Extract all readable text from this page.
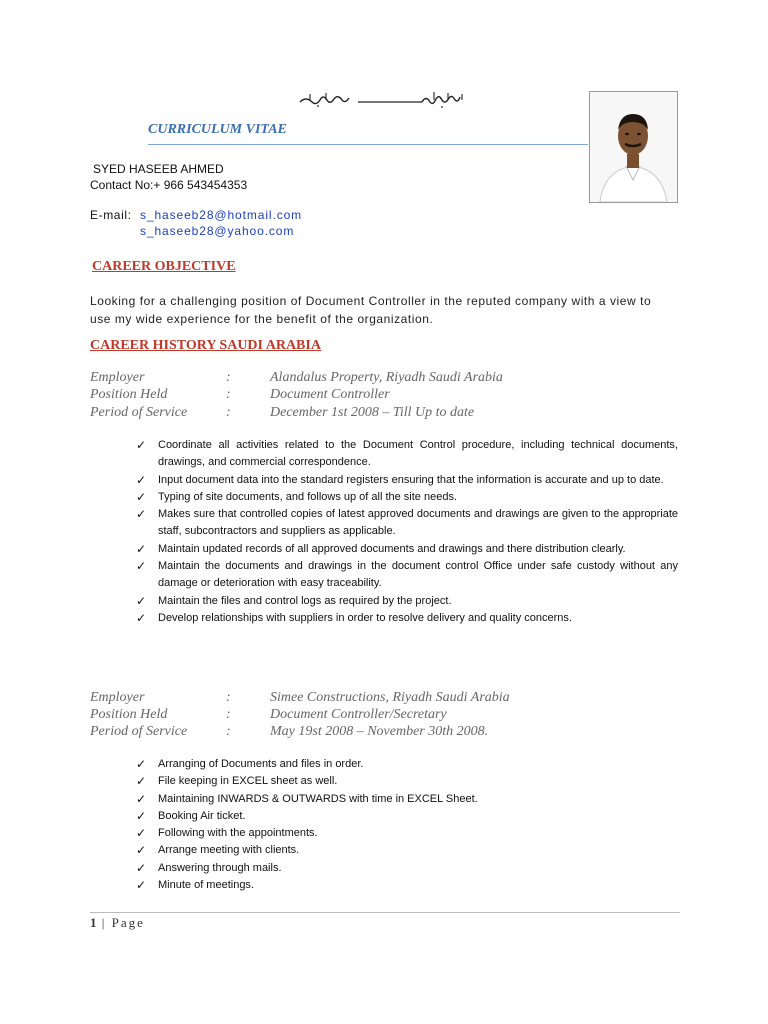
CURRICULUM VITAE
SYED HASEEB AHMED
Contact No:+ 966 543454353
E-mail: s_haseeb28@hotmail.com
s_haseeb28@yahoo.com
CAREER OBJECTIVE
Looking for a challenging position of Document Controller in the reputed company with a view to use my wide experience for the benefit of the organization.
CAREER HISTORY SAUDI ARABIA
Employer	:	Alandalus Property, Riyadh Saudi Arabia
Position Held	:	Document Controller
Period of Service	:	December 1st 2008 – Till Up to date
✓ Coordinate all activities related to the Document Control procedure, including technical documents, drawings, and commercial correspondence.
✓ Input document data into the standard registers ensuring that the information is accurate and up to date.
✓ Typing of site documents, and follows up of all the site needs.
✓ Makes sure that controlled copies of latest approved documents and drawings are given to the appropriate staff, subcontractors and suppliers as applicable.
✓ Maintain updated records of all approved documents and drawings and there distribution clearly.
✓ Maintain the documents and drawings in the document control Office under safe custody without any damage or deterioration with easy traceability.
✓ Maintain the files and control logs as required by the project.
✓ Develop relationships with suppliers in order to resolve delivery and quality concerns.
Employer	:	Simee Constructions, Riyadh Saudi Arabia
Position Held	:	Document Controller/Secretary
Period of Service	:	May 19st 2008 – November 30th 2008.
✓ Arranging of Documents and files in order.
✓ File keeping in EXCEL sheet as well.
✓ Maintaining INWARDS & OUTWARDS with time in EXCEL Sheet.
✓ Booking Air ticket.
✓ Following with the appointments.
✓ Arrange meeting with clients.
✓ Answering through mails.
✓ Minute of meetings.
1 | Page
